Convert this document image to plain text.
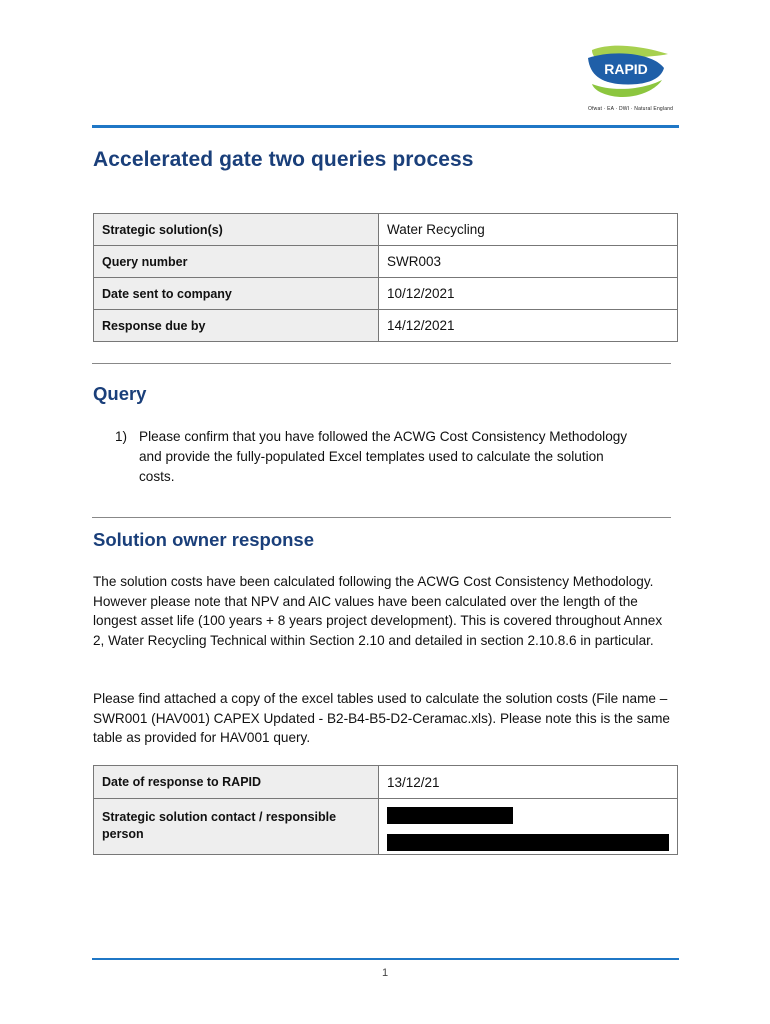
RAPID
Ofwat · EA · DWI · Natural England
Accelerated gate two queries process
Strategic solution(s)	Water Recycling
Query number	SWR003
Date sent to company	10/12/2021
Response due by	14/12/2021
Query
1) Please confirm that you have followed the ACWG Cost Consistency Methodology and provide the fully-populated Excel templates used to calculate the solution costs.
Solution owner response
The solution costs have been calculated following the ACWG Cost Consistency Methodology. However please note that NPV and AIC values have been calculated over the length of the longest asset life (100 years + 8 years project development). This is covered throughout Annex 2, Water Recycling Technical within Section 2.10 and detailed in section 2.10.8.6 in particular.
Please find attached a copy of the excel tables used to calculate the solution costs (File name – SWR001 (HAV001) CAPEX Updated - B2-B4-B5-D2-Ceramac.xls). Please note this is the same table as provided for HAV001 query.
Date of response to RAPID	13/12/21
Strategic solution contact / responsible person	
1
